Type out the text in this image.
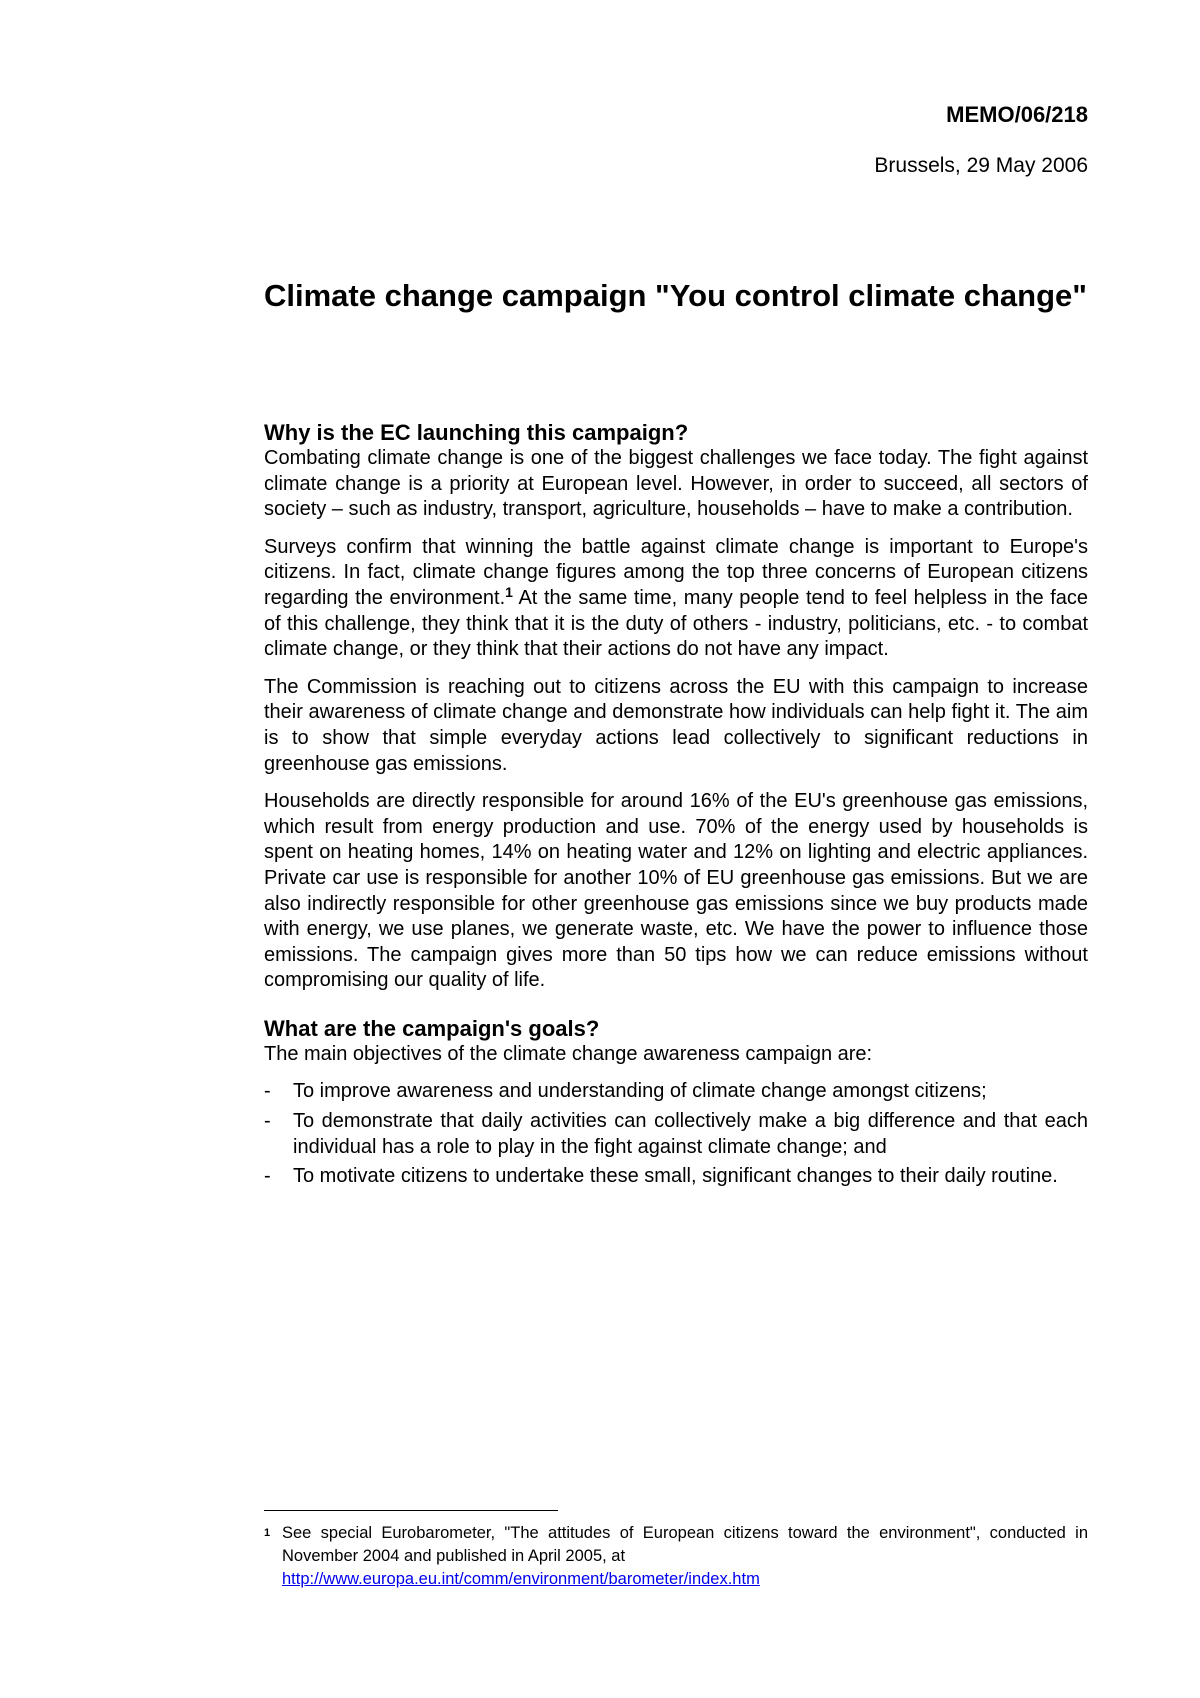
MEMO/06/218
Brussels, 29 May 2006
Climate change campaign "You control climate change"
Why is the EC launching this campaign?

Combating climate change is one of the biggest challenges we face today. The fight against climate change is a priority at European level. However, in order to succeed, all sectors of society – such as industry, transport, agriculture, households – have to make a contribution.

Surveys confirm that winning the battle against climate change is important to Europe's citizens. In fact, climate change figures among the top three concerns of European citizens regarding the environment.$^1$ At the same time, many people tend to feel helpless in the face of this challenge, they think that it is the duty of others - industry, politicians, etc. - to combat climate change, or they think that their actions do not have any impact.

The Commission is reaching out to citizens across the EU with this campaign to increase their awareness of climate change and demonstrate how individuals can help fight it. The aim is to show that simple everyday actions lead collectively to significant reductions in greenhouse gas emissions.

Households are directly responsible for around 16% of the EU's greenhouse gas emissions, which result from energy production and use. 70% of the energy used by households is spent on heating homes, 14% on heating water and 12% on lighting and electric appliances. Private car use is responsible for another 10% of EU greenhouse gas emissions. But we are also indirectly responsible for other greenhouse gas emissions since we buy products made with energy, we use planes, we generate waste, etc. We have the power to influence those emissions. The campaign gives more than 50 tips how we can reduce emissions without compromising our quality of life.

What are the campaign's goals?

The main objectives of the climate change awareness campaign are:

- To improve awareness and understanding of climate change amongst citizens;
- To demonstrate that daily activities can collectively make a big difference and that each individual has a role to play in the fight against climate change; and
- To motivate citizens to undertake these small, significant changes to their daily routine.
1 See special Eurobarometer, "The attitudes of European citizens toward the environment", conducted in November 2004 and published in April 2005, at
http://www.europa.eu.int/comm/environment/barometer/index.htm
